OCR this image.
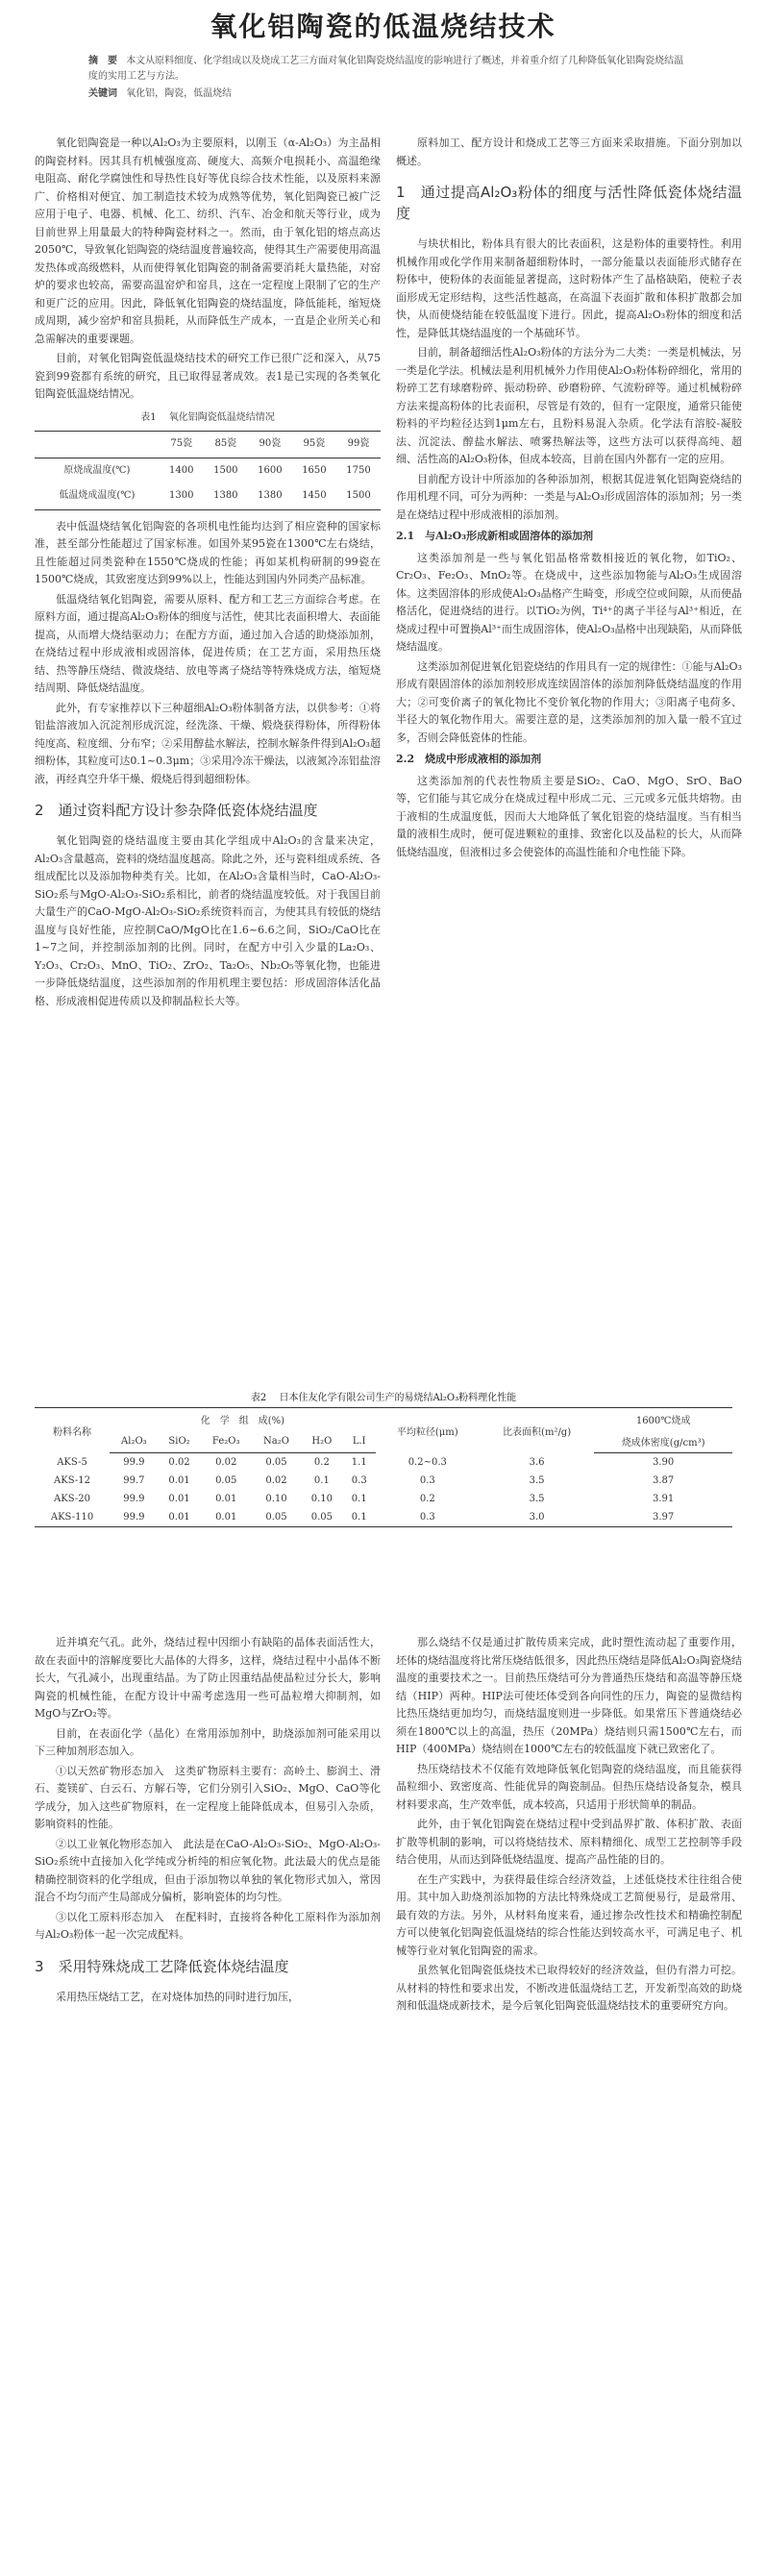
氧化铝陶瓷的低温烧结技术
摘　要 本文从原料细度、化学组成以及烧成工艺三方面对氧化铝陶瓷烧结温度的影响进行了概述，并着重介绍了几种降低氧化铝陶瓷烧结温度的实用工艺与方法。
关键词 氧化铝，陶瓷，低温烧结

氧化铝陶瓷是一种以Al₂O₃为主要原料，以刚玉（α-Al₂O₃）为主晶相的陶瓷材料。因其具有机械强度高、硬度大、高频介电损耗小、高温绝缘电阻高、耐化学腐蚀性和导热性良好等优良综合技术性能，以及原料来源广、价格相对便宜、加工制造技术较为成熟等优势，氧化铝陶瓷已被广泛应用于电子、电器、机械、化工、纺织、汽车、冶金和航天等行业，成为目前世界上用量最大的特种陶瓷材料之一。然而，由于氧化铝的熔点高达2050℃，导致氧化铝陶瓷的烧结温度普遍较高，使得其生产需要使用高温发热体或高级燃料，从而使得氧化铝陶瓷的制备需要消耗大量热能，对窑炉的要求也较高，需要高温窑炉和窑具，这在一定程度上限制了它的生产和更广泛的应用。因此，降低氧化铝陶瓷的烧结温度，降低能耗，缩短烧成周期，减少窑炉和窑具损耗，从而降低生产成本，一直是企业所关心和急需解决的重要课题。

目前，对氧化铝陶瓷低温烧结技术的研究工作已很广泛和深入，从75瓷到99瓷都有系统的研究，且已取得显著成效。表1是已实现的各类氧化铝陶瓷低温烧结情况。

表1　 氧化铝陶瓷低温烧结情况
	75瓷	85瓷	90瓷	95瓷	99瓷
原烧成温度(℃)	1400	1500	1600	1650	1750
低温烧成温度(℃)	1300	1380	1380	1450	1500

表中低温烧结氧化铝陶瓷的各项机电性能均达到了相应瓷种的国家标准，甚至部分性能超过了国家标准。如国外某95瓷在1300℃左右烧结，且性能超过同类瓷种在1550℃烧成的性能；再如某机构研制的99瓷在1500℃烧成，其致密度达到99%以上，性能达到国内外同类产品标准。

低温烧结氧化铝陶瓷，需要从原料、配方和工艺三方面综合考虑。在原料方面，通过提高Al₂O₃粉体的细度与活性，使其比表面积增大、表面能提高，从而增大烧结驱动力；在配方方面，通过加入合适的助烧添加剂，在烧结过程中形成液相或固溶体，促进传质；在工艺方面，采用热压烧结、热等静压烧结、微波烧结、放电等离子烧结等特殊烧成方法，缩短烧结周期、降低烧结温度。

此外，有专家推荐以下三种超细Al₂O₃粉体制备方法，以供参考：①将铝盐溶液加入沉淀剂形成沉淀，经洗涤、干燥、煅烧获得粉体，所得粉体纯度高、粒度细、分布窄；②采用醇盐水解法，控制水解条件得到Al₂O₃超细粉体，其粒度可达0.1~0.3μm；③采用冷冻干燥法，以液氮冷冻铝盐溶液，再经真空升华干燥、煅烧后得到超细粉体。

2　通过资料配方设计参杂降低瓷体烧结温度

氧化铝陶瓷的烧结温度主要由其化学组成中Al₂O₃的含量来决定，Al₂O₃含量越高，瓷料的烧结温度越高。除此之外，还与瓷料组成系统、各组成配比以及添加物种类有关。比如，在Al₂O₃含量相当时，CaO-Al₂O₃-SiO₂系与MgO-Al₂O₃-SiO₂系相比，前者的烧结温度较低。对于我国目前大量生产的CaO-MgO-Al₂O₃-SiO₂系统资料而言，为使其具有较低的烧结温度与良好性能，应控制CaO/MgO比在1.6~6.6之间，SiO₂/CaO比在1~7之间，并控制添加剂的比例。同时，在配方中引入少量的La₂O₃、Y₂O₃、Cr₂O₃、MnO、TiO₂、ZrO₂、Ta₂O₅、Nb₂O₅等氧化物，也能进一步降低烧结温度，这些添加剂的作用机理主要包括：形成固溶体活化晶格、形成液相促进传质以及抑制晶粒长大等。

原料加工、配方设计和烧成工艺等三方面来采取措施。下面分别加以概述。

1　通过提高Al₂O₃粉体的细度与活性降低瓷体烧结温度

与块状相比，粉体具有很大的比表面积，这是粉体的重要特性。利用机械作用或化学作用来制备超细粉体时，一部分能量以表面能形式储存在粉体中，使粉体的表面能显著提高，这时粉体产生了晶格缺陷，使粒子表面形成无定形结构，这些活性越高，在高温下表面扩散和体积扩散都会加快，从而使烧结能在较低温度下进行。因此，提高Al₂O₃粉体的细度和活性，是降低其烧结温度的一个基础环节。

目前，制备超细活性Al₂O₃粉体的方法分为二大类：一类是机械法，另一类是化学法。机械法是利用机械外力作用使Al₂O₃粉体粉碎细化，常用的粉碎工艺有球磨粉碎、振动粉碎、砂磨粉碎、气流粉碎等。通过机械粉碎方法来提高粉体的比表面积，尽管是有效的，但有一定限度，通常只能使粉料的平均粒径达到1μm左右，且粉料易混入杂质。化学法有溶胶-凝胶法、沉淀法、醇盐水解法、喷雾热解法等，这些方法可以获得高纯、超细、活性高的Al₂O₃粉体，但成本较高，目前在国内外都有一定的应用。

目前配方设计中所添加的各种添加剂，根据其促进氧化铝陶瓷烧结的作用机理不同，可分为两种：一类是与Al₂O₃形成固溶体的添加剂；另一类是在烧结过程中形成液相的添加剂。

2.1　与Al₂O₃形成新相或固溶体的添加剂

这类添加剂是一些与氧化铝晶格常数相接近的氧化物，如TiO₂、Cr₂O₃、Fe₂O₃、MnO₂等。在烧成中，这些添加物能与Al₂O₃生成固溶体。这类固溶体的形成使Al₂O₃晶格产生畸变，形成空位或间隙，从而使晶格活化，促进烧结的进行。以TiO₂为例，Ti⁴⁺的离子半径与Al³⁺相近，在烧成过程中可置换Al³⁺而生成固溶体，使Al₂O₃晶格中出现缺陷，从而降低烧结温度。

这类添加剂促进氧化铝瓷烧结的作用具有一定的规律性：①能与Al₂O₃形成有限固溶体的添加剂较形成连续固溶体的添加剂降低烧结温度的作用大；②可变价离子的氧化物比不变价氧化物的作用大；③阳离子电荷多、半径大的氧化物作用大。需要注意的是，这类添加剂的加入量一般不宜过多，否则会降低瓷体的性能。

2.2　烧成中形成液相的添加剂

这类添加剂的代表性物质主要是SiO₂、CaO、MgO、SrO、BaO等，它们能与其它成分在烧成过程中形成二元、三元或多元低共熔物。由于液相的生成温度低，因而大大地降低了氧化铝瓷的烧结温度。当有相当量的液相生成时，便可促进颗粒的重排、致密化以及晶粒的长大，从而降低烧结温度，但液相过多会使瓷体的高温性能和介电性能下降。

表2　 日本住友化学有限公司生产的易烧结Al₂O₃粉料理化性能
粉料名称	化　学　组　成(%)						平均粒径(μm)	比表面积(m²/g)	1600℃烧成
	Al₂O₃	SiO₂	Fe₂O₃	Na₂O	H₂O	L.I			烧成体密度(g/cm³)
AKS-5	99.9	0.02	0.02	0.05	0.2	1.1	0.2~0.3	3.6	3.90
AKS-12	99.7	0.01	0.05	0.02	0.1	0.3	0.3	3.5	3.87
AKS-20	99.9	0.01	0.01	0.10	0.10	0.1	0.2	3.5	3.91
AKS-110	99.9	0.01	0.01	0.05	0.05	0.1	0.3	3.0	3.97

近并填充气孔。此外，烧结过程中因细小有缺陷的晶体表面活性大，故在表面中的溶解度要比大晶体的大得多，这样，烧结过程中小晶体不断长大，气孔减小，出现重结晶。为了防止因重结晶使晶粒过分长大，影响陶瓷的机械性能，在配方设计中需考虑选用一些可晶粒增大抑制剂，如MgO与ZrO₂等。

目前，在表面化学（晶化）在常用添加剂中，助烧添加剂可能采用以下三种加剂形态加入。

①以天然矿物形态加入　这类矿物原料主要有：高岭土、膨润土、滑石、菱镁矿、白云石、方解石等，它们分别引入SiO₂、MgO、CaO等化学成分，加入这些矿物原料，在一定程度上能降低成本，但易引入杂质，影响资料的性能。

②以工业氧化物形态加入　此法是在CaO-Al₂O₃-SiO₂、MgO-Al₂O₃-SiO₂系统中直接加入化学纯或分析纯的相应氧化物。此法最大的优点是能精确控制资料的化学组成，但由于添加物以单独的氧化物形式加入，常因混合不均匀而产生局部成分偏析，影响瓷体的均匀性。

③以化工原料形态加入　在配料时，直接将各种化工原料作为添加剂与Al₂O₃粉体一起一次完成配料。

3　采用特殊烧成工艺降低瓷体烧结温度

采用热压烧结工艺，在对烧体加热的同时进行加压，

那么烧结不仅是通过扩散传质来完成，此时塑性流动起了重要作用，坯体的烧结温度将比常压烧结低很多，因此热压烧结是降低Al₂O₃陶瓷烧结温度的重要技术之一。目前热压烧结可分为普通热压烧结和高温等静压烧结（HIP）两种。HIP法可使坯体受到各向同性的压力，陶瓷的显微结构比热压烧结更加均匀，而烧结温度则进一步降低。如果常压下普通烧结必须在1800℃以上的高温，热压（20MPa）烧结则只需1500℃左右，而HIP（400MPa）烧结则在1000℃左右的较低温度下就已致密化了。

热压烧结技术不仅能有效地降低氧化铝陶瓷的烧结温度，而且能获得晶粒细小、致密度高、性能优异的陶瓷制品。但热压烧结设备复杂，模具材料要求高，生产效率低，成本较高，只适用于形状简单的制品。

此外，由于氧化铝陶瓷在烧结过程中受到晶界扩散、体积扩散、表面扩散等机制的影响，可以将烧结技术、原料精细化、成型工艺控制等手段结合使用，从而达到降低烧结温度、提高产品性能的目的。

在生产实践中，为获得最佳综合经济效益，上述低烧技术往往组合使用。其中加入助烧剂添加物的方法比特殊烧成工艺简便易行，是最常用、最有效的方法。另外，从材料角度来看，通过掺杂改性技术和精确控制配方可以使氧化铝陶瓷低温烧结的综合性能达到较高水平，可满足电子、机械等行业对氧化铝陶瓷的需求。

虽然氧化铝陶瓷低烧技术已取得较好的经济效益，但仍有潜力可挖。从材料的特性和要求出发，不断改进低温烧结工艺，开发新型高效的助烧剂和低温烧成新技术，是今后氧化铝陶瓷低温烧结技术的重要研究方向。
